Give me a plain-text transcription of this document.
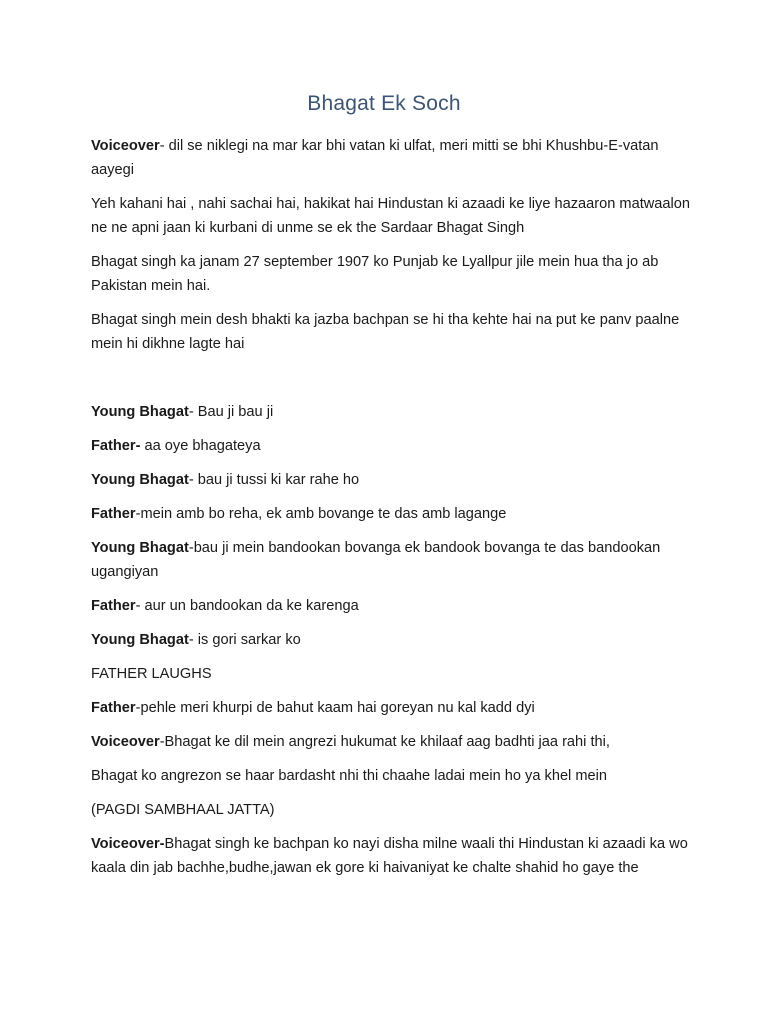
Bhagat Ek Soch

Voiceover- dil se niklegi na mar kar bhi vatan ki ulfat, meri mitti se bhi Khushbu-E-vatan aayegi

Yeh kahani hai , nahi sachai hai, hakikat hai Hindustan ki azaadi ke liye hazaaron matwaalon ne ne apni jaan ki kurbani di unme se ek the Sardaar Bhagat Singh

Bhagat singh ka janam 27 september 1907 ko Punjab ke Lyallpur jile mein hua tha jo ab Pakistan mein hai.

Bhagat singh mein desh bhakti ka jazba bachpan se hi tha kehte hai na put ke panv paalne mein hi dikhne lagte hai

Young Bhagat- Bau ji bau ji

Father- aa oye bhagateya

Young Bhagat- bau ji tussi ki kar rahe ho

Father-mein amb bo reha, ek amb bovange te das amb lagange

Young Bhagat-bau ji mein bandookan bovanga ek bandook bovanga te das bandookan ugangiyan

Father- aur un bandookan da ke karenga

Young Bhagat- is gori sarkar ko

FATHER LAUGHS

Father-pehle meri khurpi de bahut kaam hai goreyan nu kal kadd dyi

Voiceover-Bhagat ke dil mein angrezi hukumat ke khilaaf aag badhti jaa rahi thi,

Bhagat ko angrezon se haar bardasht nhi thi chaahe ladai mein ho ya khel mein

(PAGDI SAMBHAAL JATTA)

Voiceover-Bhagat singh ke bachpan ko nayi disha milne waali thi Hindustan ki azaadi ka wo kaala din jab bachhe,budhe,jawan ek gore ki haivaniyat ke chalte shahid ho gaye the
